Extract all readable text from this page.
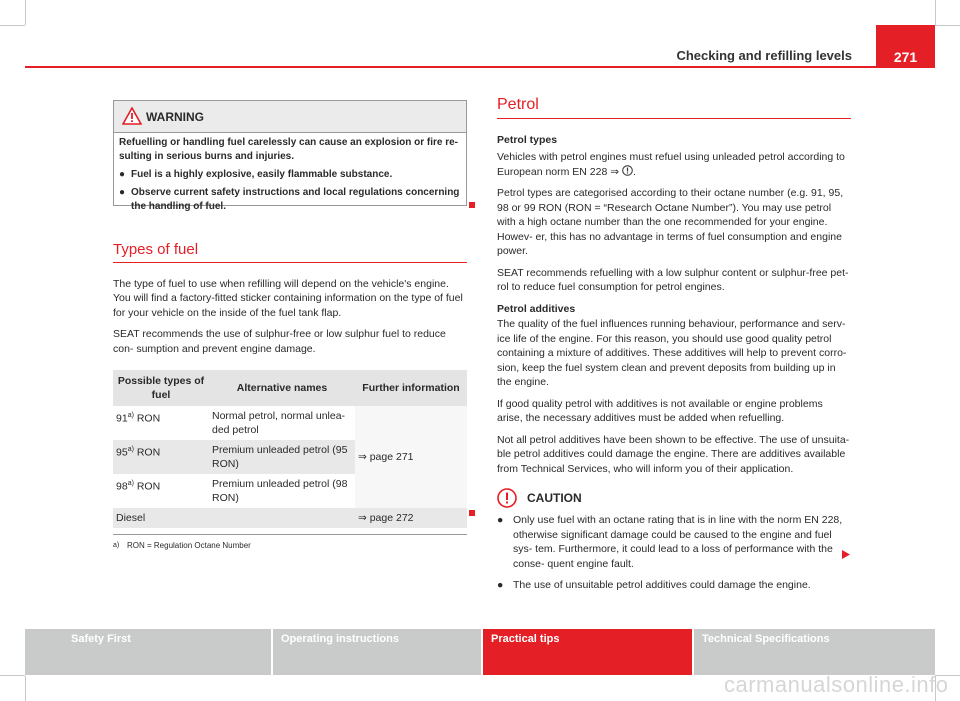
Checking and refilling levels	271
WARNING
Refuelling or handling fuel carelessly can cause an explosion or fire re- sulting in serious burns and injuries.
● Fuel is a highly explosive, easily flammable substance.
● Observe current safety instructions and local regulations concerning the handling of fuel.
Types of fuel

The type of fuel to use when refilling will depend on the vehicle's engine. You will find a factory-fitted sticker containing information on the type of fuel for your vehicle on the inside of the fuel tank flap.

SEAT recommends the use of sulphur-free or low sulphur fuel to reduce con- sumption and prevent engine damage.

Possible types of fuel	Alternative names	Further information
91$^{a)}$ RON	Normal petrol, normal unlea- ded petrol	⇒ page 271
95$^{a)}$ RON	Premium unleaded petrol (95 RON)	
98$^{a)}$ RON	Premium unleaded petrol (98 RON)	
Diesel		⇒ page 272
a) RON = Regulation Octane Number
Petrol
Petrol types

Vehicles with petrol engines must refuel using unleaded petrol according to European norm EN 228 ⇒ .

Petrol types are categorised according to their octane number (e.g. 91, 95, 98 or 99 RON (RON = “Research Octane Number”). You may use petrol with a high octane number than the one recommended for your engine. Howev- er, this has no advantage in terms of fuel consumption and engine power.

SEAT recommends refuelling with a low sulphur content or sulphur-free pet- rol to reduce fuel consumption for petrol engines.

Petrol additives

The quality of the fuel influences running behaviour, performance and serv- ice life of the engine. For this reason, you should use good quality petrol containing a mixture of additives. These additives will help to prevent corro- sion, keep the fuel system clean and prevent deposits from building up in the engine.

If good quality petrol with additives is not available or engine problems arise, the necessary additives must be added when refuelling.

Not all petrol additives have been shown to be effective. The use of unsuita- ble petrol additives could damage the engine. There are additives available from Technical Services, who will inform you of their application.

CAUTION
● Only use fuel with an octane rating that is in line with the norm EN 228, otherwise significant damage could be caused to the engine and fuel sys- tem. Furthermore, it could lead to a loss of performance with the conse- quent engine fault.
● The use of unsuitable petrol additives could damage the engine.
Safety First	Operating instructions	Practical tips	Technical Specifications
carmanualsonline.info
